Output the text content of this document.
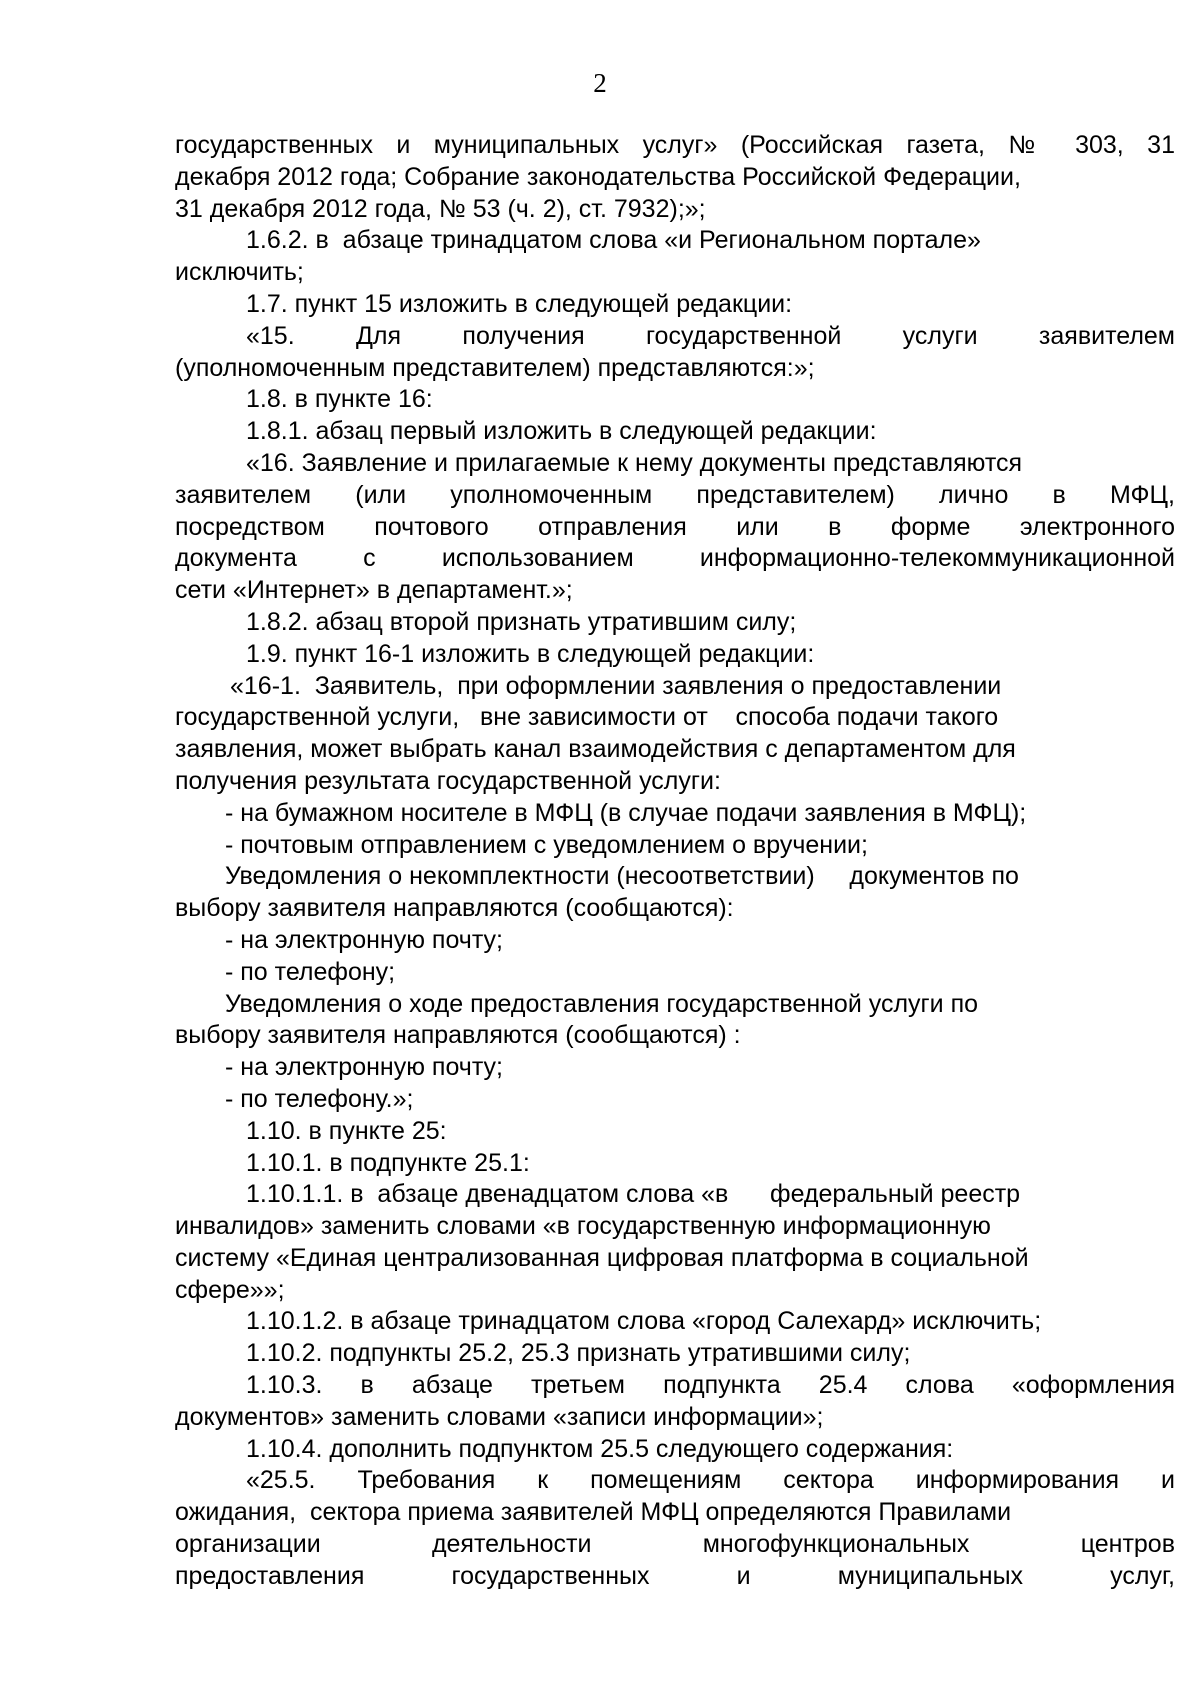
2
государственных и муниципальных услуг» (Российская газета, № 303, 31
декабря 2012 года; Собрание законодательства Российской Федерации,
31 декабря 2012 года, № 53 (ч. 2), ст. 7932);»;
1.6.2. в  абзаце тринадцатом слова «и Региональном портале»
исключить;
1.7. пункт 15 изложить в следующей редакции:
«15. Для получения государственной услуги заявителем
(уполномоченным представителем) представляются:»;
1.8. в пункте 16:
1.8.1. абзац первый изложить в следующей редакции:
«16. Заявление и прилагаемые к нему документы представляются
заявителем (или уполномоченным представителем) лично в МФЦ,
посредством почтового отправления или в форме электронного
документа с использованием информационно-телекоммуникационной
сети «Интернет» в департамент.»;
1.8.2. абзац второй признать утратившим силу;
1.9. пункт 16-1 изложить в следующей редакции:
«16-1.  Заявитель,  при оформлении заявления о предоставлении
государственной услуги,   вне зависимости от    способа подачи такого
заявления, может выбрать канал взаимодействия с департаментом для
получения результата государственной услуги:
- на бумажном носителе в МФЦ (в случае подачи заявления в МФЦ);
- почтовым отправлением с уведомлением о вручении;
Уведомления о некомплектности (несоответствии)     документов по
выбору заявителя направляются (сообщаются):
- на электронную почту;
- по телефону;
Уведомления о ходе предоставления государственной услуги по
выбору заявителя направляются (сообщаются) :
- на электронную почту;
- по телефону.»;
1.10. в пункте 25:
1.10.1. в подпункте 25.1:
1.10.1.1. в  абзаце двенадцатом слова «в      федеральный реестр
инвалидов» заменить словами «в государственную информационную
систему «Единая централизованная цифровая платформа в социальной
сфере»»;
1.10.1.2. в абзаце тринадцатом слова «город Салехард» исключить;
1.10.2. подпункты 25.2, 25.3 признать утратившими силу;
1.10.3. в абзаце третьем подпункта 25.4 слова «оформления
документов» заменить словами «записи информации»;
1.10.4. дополнить подпунктом 25.5 следующего содержания:
«25.5. Требования к помещениям сектора информирования и
ожидания,  сектора приема заявителей МФЦ определяются Правилами
организации деятельности многофункциональных центров
предоставления государственных и муниципальных услуг,
